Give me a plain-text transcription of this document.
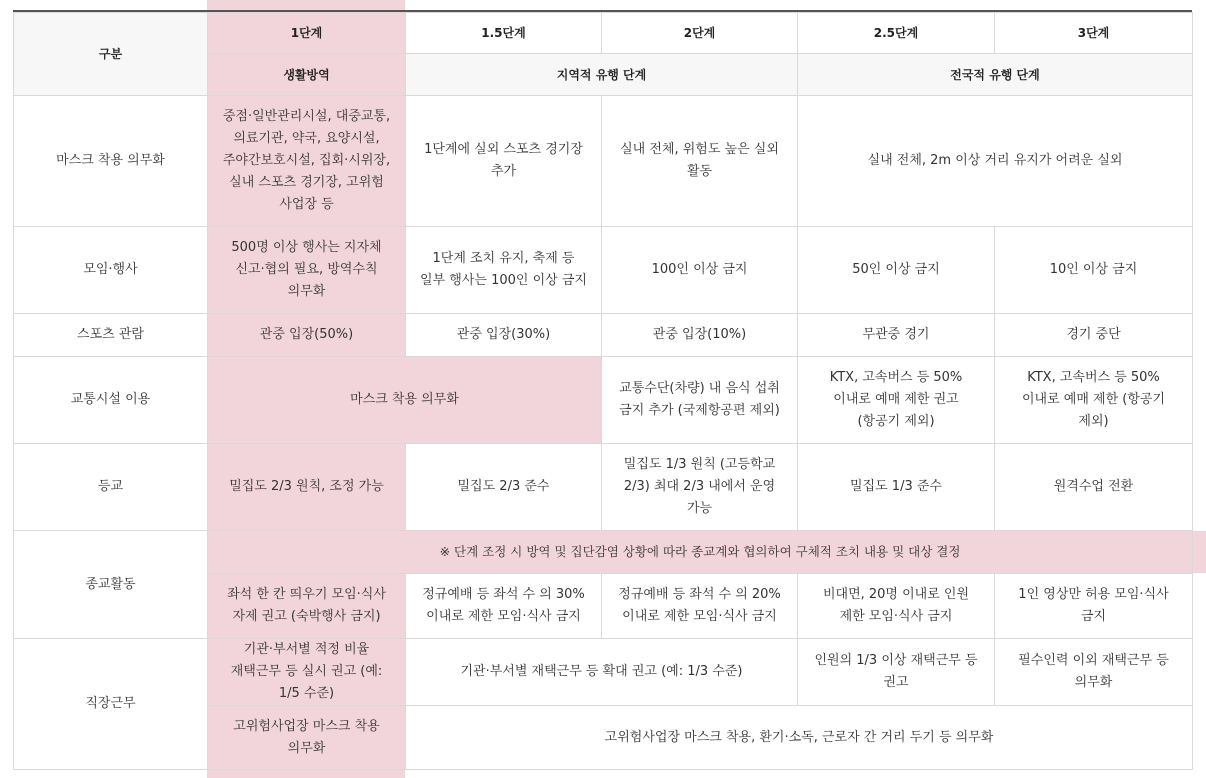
구분	1단계	1.5단계	2단계	2.5단계	3단계
	생활방역	지역적 유행 단계		전국적 유행 단계	
마스크 착용 의무화	중점·일반관리시설, 대중교통, 의료기관, 약국, 요양시설, 주야간보호시설, 집회·시위장, 실내 스포츠 경기장, 고위험 사업장 등	1단계에 실외 스포츠 경기장 추가	실내 전체, 위험도 높은 실외 활동	실내 전체, 2m 이상 거리 유지가 어려운 실외	
모임·행사	500명 이상 행사는 지자체 신고·협의 필요, 방역수칙 의무화	1단계 조치 유지, 축제 등 일부 행사는 100인 이상 금지	100인 이상 금지	50인 이상 금지	10인 이상 금지
스포츠 관람	관중 입장(50%)	관중 입장(30%)	관중 입장(10%)	무관중 경기	경기 중단
교통시설 이용	마스크 착용 의무화		교통수단(차량) 내 음식 섭취 금지 추가 (국제항공편 제외)	KTX, 고속버스 등 50% 이내로 예매 제한 권고 (항공기 제외)	KTX, 고속버스 등 50% 이내로 예매 제한 (항공기 제외)
등교	밀집도 2/3 원칙, 조정 가능	밀집도 2/3 준수	밀집도 1/3 원칙 (고등학교 2/3) 최대 2/3 내에서 운영 가능	밀집도 1/3 준수	원격수업 전환
종교활동	※ 단계 조정 시 방역 및 집단감염 상황에 따라 종교계와 협의하여 구체적 조치 내용 및 대상 결정				
	좌석 한 칸 띄우기 모임·식사 자제 권고 (숙박행사 금지)	정규예배 등 좌석 수 의 30% 이내로 제한 모임·식사 금지	정규예배 등 좌석 수 의 20% 이내로 제한 모임·식사 금지	비대면, 20명 이내로 인원 제한 모임·식사 금지	1인 영상만 허용 모임·식사 금지
직장근무	기관·부서별 적정 비율 재택근무 등 실시 권고 (예: 1/5 수준)	기관·부서별 재택근무 등 확대 권고 (예: 1/3 수준)		인원의 1/3 이상 재택근무 등 권고	필수인력 이외 재택근무 등 의무화
	고위험사업장 마스크 착용 의무화	고위험사업장 마스크 착용, 환기·소독, 근로자 간 거리 두기 등 의무화			
